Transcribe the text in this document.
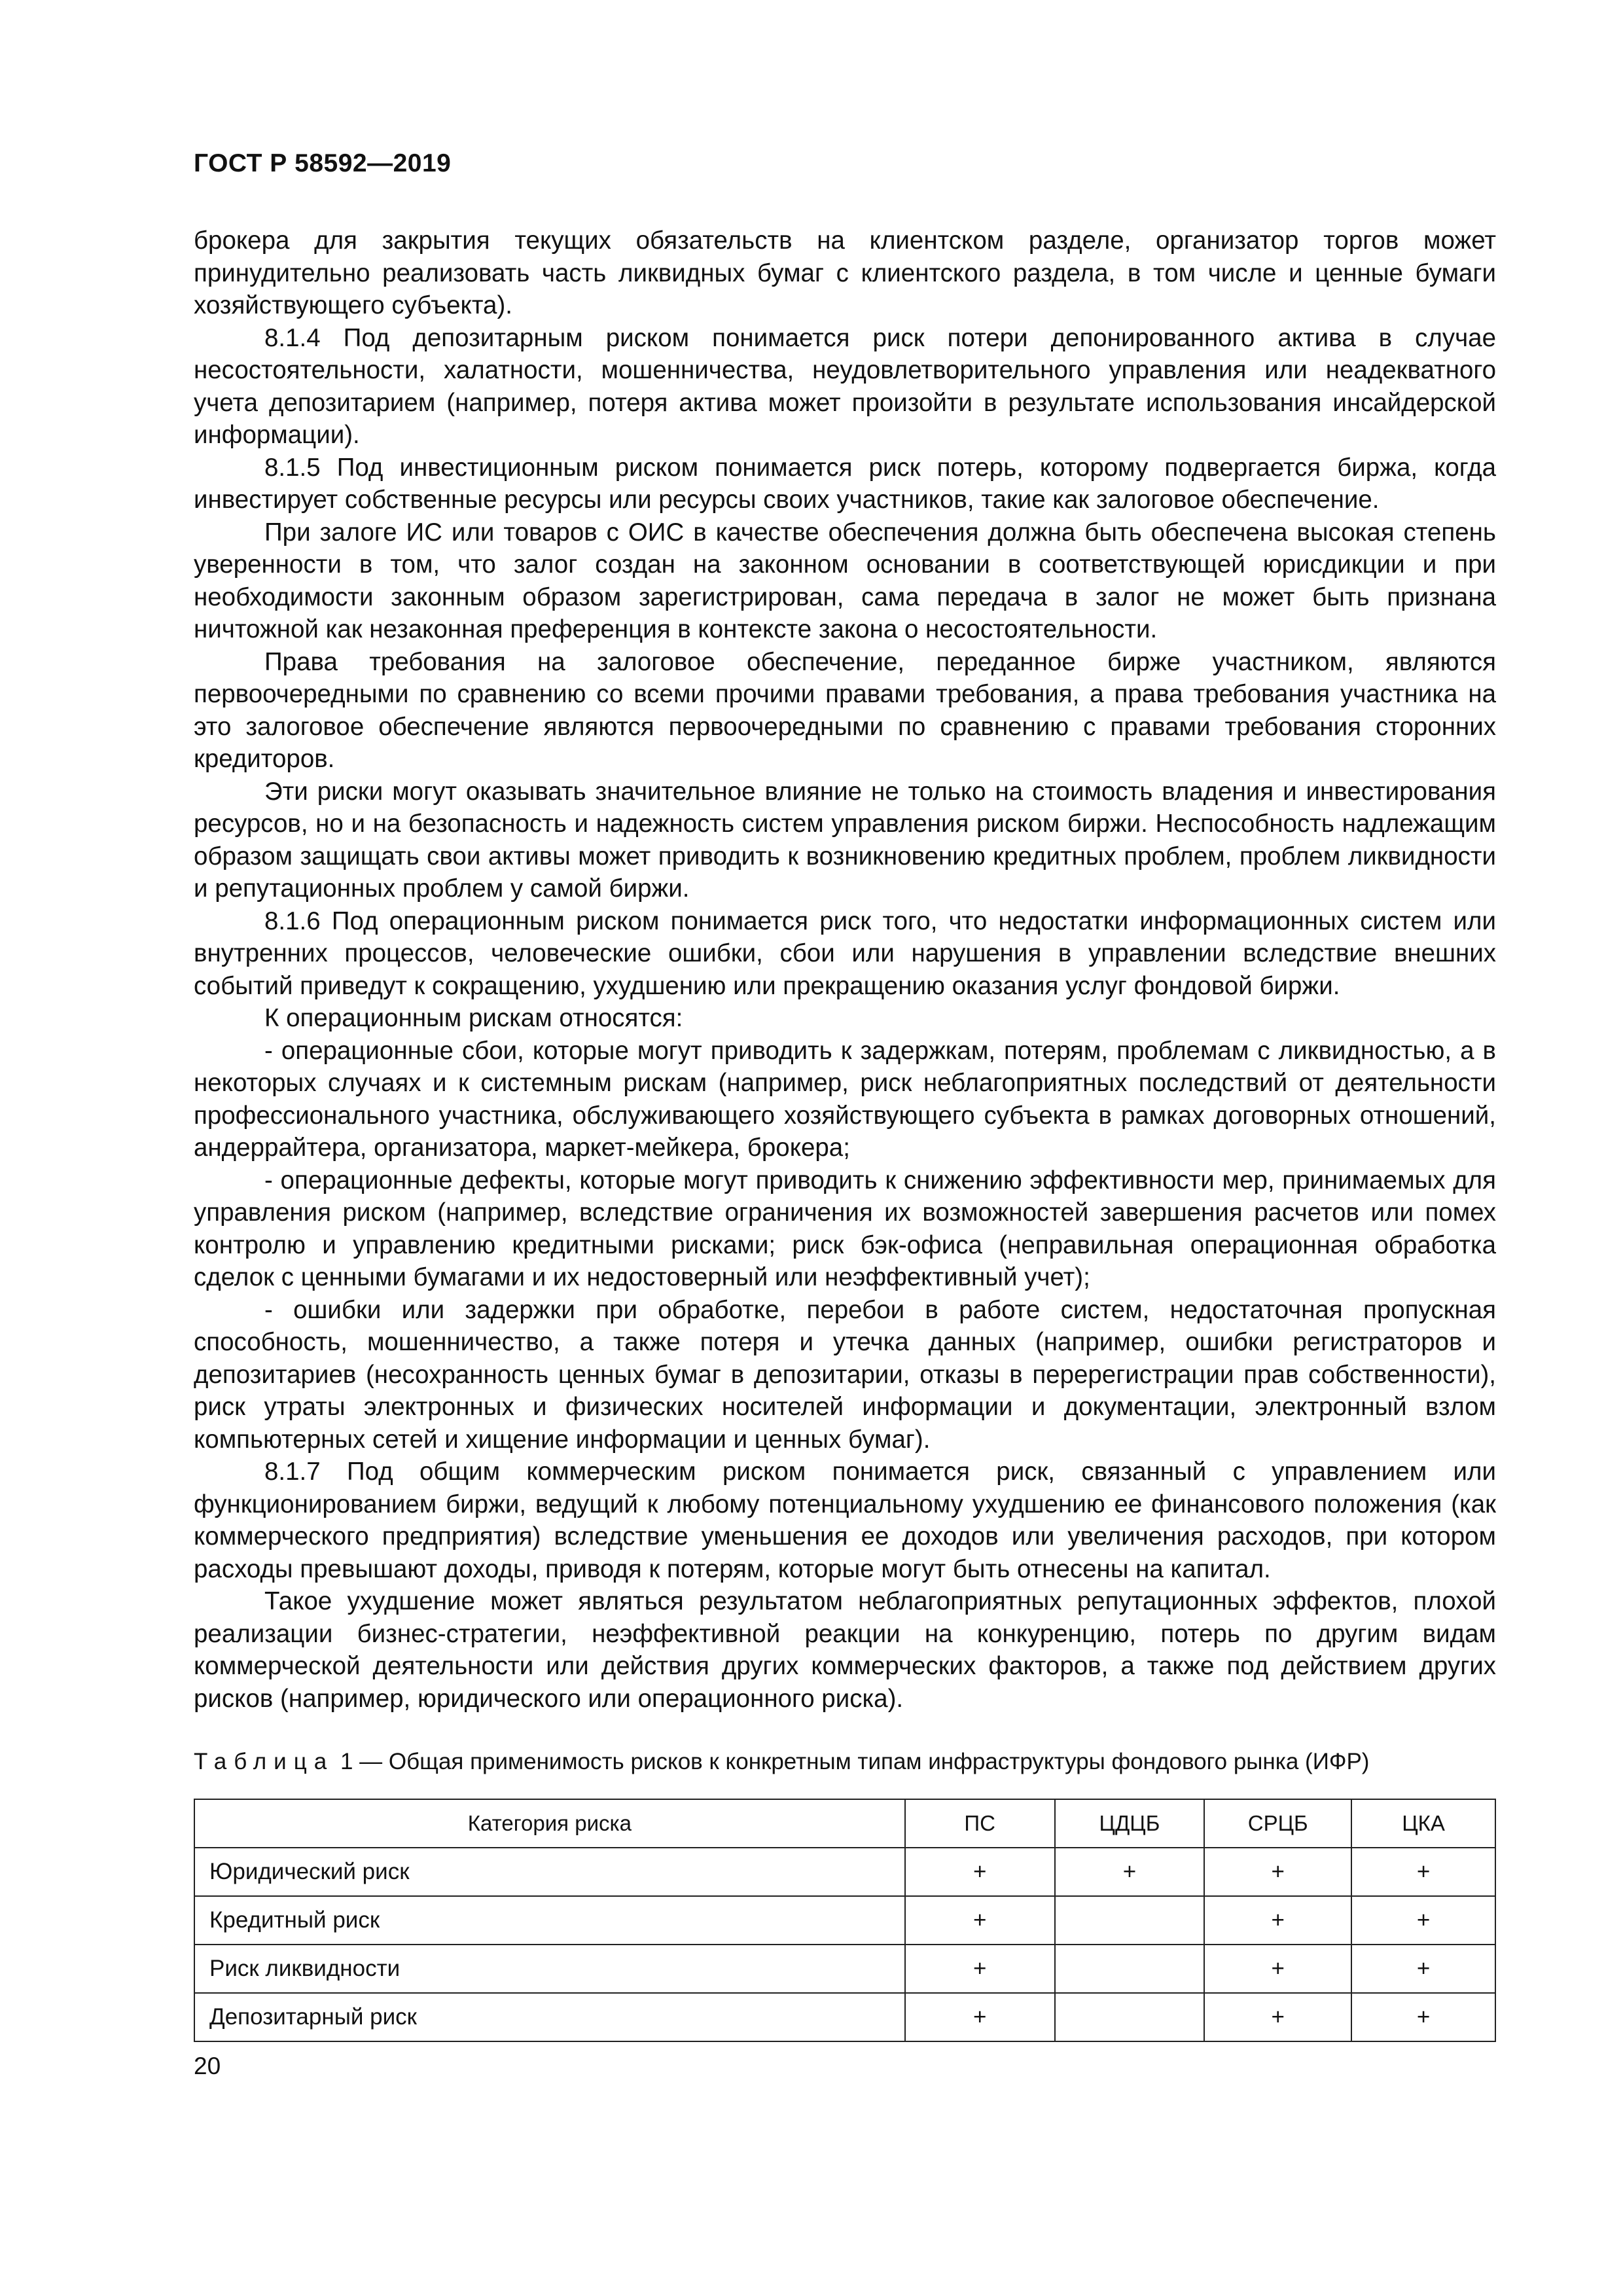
ГОСТ Р 58592—2019

брокера для закрытия текущих обязательств на клиентском разделе, организатор торгов может принудительно реализовать часть ликвидных бумаг с клиентского раздела, в том числе и ценные бумаги хозяйствующего субъекта).

8.1.4 Под депозитарным риском понимается риск потери депонированного актива в случае несостоятельности, халатности, мошенничества, неудовлетворительного управления или неадекватного учета депозитарием (например, потеря актива может произойти в результате использования инсайдерской информации).

8.1.5 Под инвестиционным риском понимается риск потерь, которому подвергается биржа, когда инвестирует собственные ресурсы или ресурсы своих участников, такие как залоговое обеспечение.

При залоге ИС или товаров с ОИС в качестве обеспечения должна быть обеспечена высокая степень уверенности в том, что залог создан на законном основании в соответствующей юрисдикции и при необходимости законным образом зарегистрирован, сама передача в залог не может быть признана ничтожной как незаконная преференция в контексте закона о несостоятельности.

Права требования на залоговое обеспечение, переданное бирже участником, являются первоочередными по сравнению со всеми прочими правами требования, а права требования участника на это залоговое обеспечение являются первоочередными по сравнению с правами требования сторонних кредиторов.

Эти риски могут оказывать значительное влияние не только на стоимость владения и инвестирования ресурсов, но и на безопасность и надежность систем управления риском биржи. Неспособность надлежащим образом защищать свои активы может приводить к возникновению кредитных проблем, проблем ликвидности и репутационных проблем у самой биржи.

8.1.6 Под операционным риском понимается риск того, что недостатки информационных систем или внутренних процессов, человеческие ошибки, сбои или нарушения в управлении вследствие внешних событий приведут к сокращению, ухудшению или прекращению оказания услуг фондовой биржи.

К операционным рискам относятся:

- операционные сбои, которые могут приводить к задержкам, потерям, проблемам с ликвидностью, а в некоторых случаях и к системным рискам (например, риск неблагоприятных последствий от деятельности профессионального участника, обслуживающего хозяйствующего субъекта в рамках договорных отношений, андеррайтера, организатора, маркет-мейкера, брокера;

- операционные дефекты, которые могут приводить к снижению эффективности мер, принимаемых для управления риском (например, вследствие ограничения их возможностей завершения расчетов или помех контролю и управлению кредитными рисками; риск бэк-офиса (неправильная операционная обработка сделок с ценными бумагами и их недостоверный или неэффективный учет);

- ошибки или задержки при обработке, перебои в работе систем, недостаточная пропускная способность, мошенничество, а также потеря и утечка данных (например, ошибки регистраторов и депозитариев (несохранность ценных бумаг в депозитарии, отказы в перерегистрации прав собственности), риск утраты электронных и физических носителей информации и документации, электронный взлом компьютерных сетей и хищение информации и ценных бумаг).

8.1.7 Под общим коммерческим риском понимается риск, связанный с управлением или функционированием биржи, ведущий к любому потенциальному ухудшению ее финансового положения (как коммерческого предприятия) вследствие уменьшения ее доходов или увеличения расходов, при котором расходы превышают доходы, приводя к потерям, которые могут быть отнесены на капитал.

Такое ухудшение может являться результатом неблагоприятных репутационных эффектов, плохой реализации бизнес-стратегии, неэффективной реакции на конкуренцию, потерь по другим видам коммерческой деятельности или действия других коммерческих факторов, а также под действием других рисков (например, юридического или операционного риска).

Таблица 1 — Общая применимость рисков к конкретным типам инфраструктуры фондового рынка (ИФР)
Категория риска	ПС	ЦДЦБ	СРЦБ	ЦКА
Юридический риск	+	+	+	+
Кредитный риск	+		+	+
Риск ликвидности	+		+	+
Депозитарный риск	+		+	+
20
